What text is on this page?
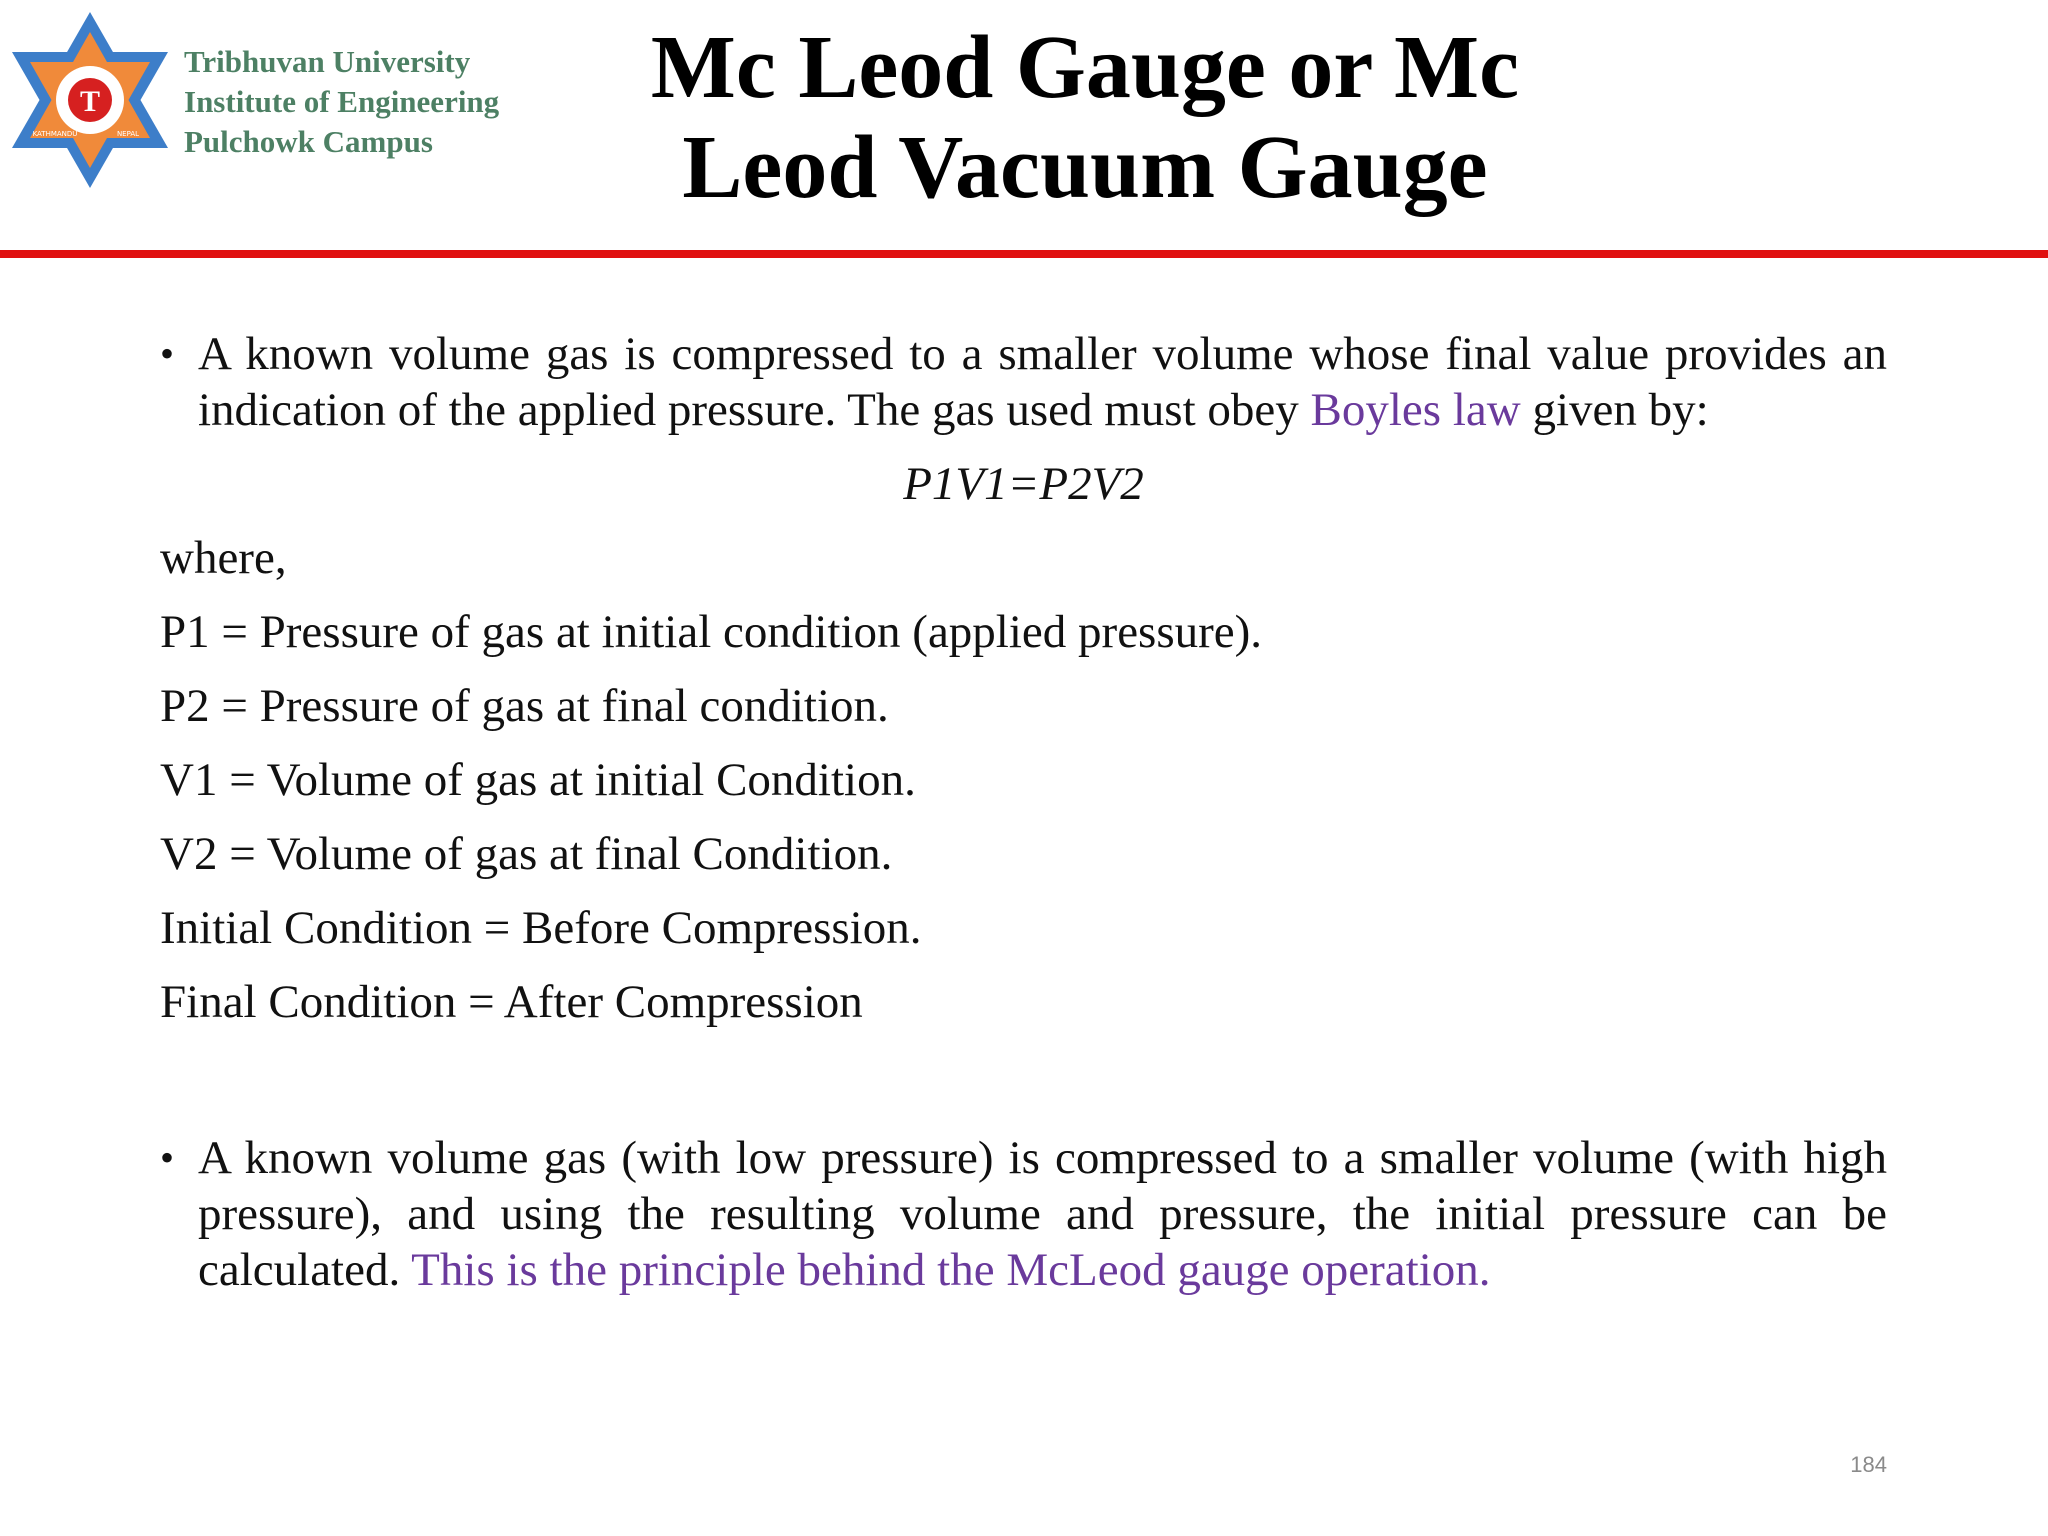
T
KATHMANDU	NEPAL
Tribhuvan University
Institute of Engineering
Pulchowk Campus
Mc Leod Gauge or Mc
Leod Vacuum Gauge
• A known volume gas is compressed to a smaller volume whose final value provides an indication of the applied pressure. The gas used must obey Boyles law given by:
P1V1=P2V2
where,
P1 = Pressure of gas at initial condition (applied pressure).
P2 = Pressure of gas at final condition.
V1 = Volume of gas at initial Condition.
V2 = Volume of gas at final Condition.
Initial Condition = Before Compression.
Final Condition = After Compression
• A known volume gas (with low pressure) is compressed to a smaller volume (with high pressure), and using the resulting volume and pressure, the initial pressure can be calculated. This is the principle behind the McLeod gauge operation.
184
